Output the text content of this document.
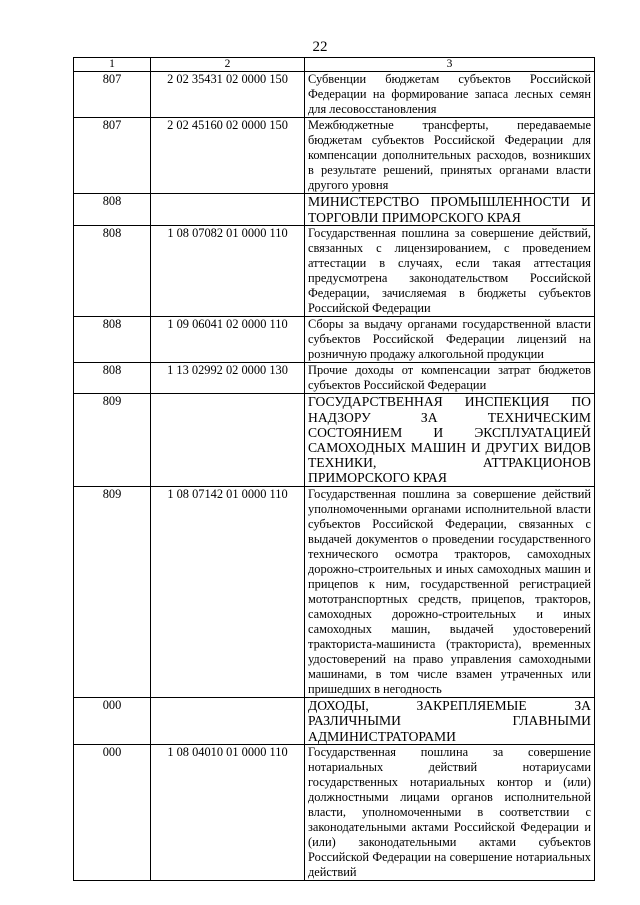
22
1	2	3
807	2 02 35431 02 0000 150	Субвенции бюджетам субъектов Российской Федерации на формирование запаса лесных семян для лесовосстановления
807	2 02 45160 02 0000 150	Межбюджетные трансферты, передаваемые бюджетам субъектов Российской Федерации для компенсации дополнительных расходов, возникших в результате решений, принятых органами власти другого уровня
808		МИНИСТЕРСТВО ПРОМЫШЛЕННОСТИ И ТОРГОВЛИ ПРИМОРСКОГО КРАЯ
808	1 08 07082 01 0000 110	Государственная пошлина за совершение действий, связанных с лицензированием, с проведением аттестации в случаях, если такая аттестация предусмотрена законодательством Российской Федерации, зачисляемая в бюджеты субъектов Российской Федерации
808	1 09 06041 02 0000 110	Сборы за выдачу органами государственной власти субъектов Российской Федерации лицензий на розничную продажу алкогольной продукции
808	1 13 02992 02 0000 130	Прочие доходы от компенсации затрат бюджетов субъектов Российской Федерации
809		ГОСУДАРСТВЕННАЯ ИНСПЕКЦИЯ ПО НАДЗОРУ ЗА ТЕХНИЧЕСКИМ СОСТОЯНИЕМ И ЭКСПЛУАТАЦИЕЙ САМОХОДНЫХ МАШИН И ДРУГИХ ВИДОВ ТЕХНИКИ, АТТРАКЦИОНОВ ПРИМОРСКОГО КРАЯ
809	1 08 07142 01 0000 110	Государственная пошлина за совершение действий уполномоченными органами исполнительной власти субъектов Российской Федерации, связанных с выдачей документов о проведении государственного технического осмотра тракторов, самоходных дорожно-строительных и иных самоходных машин и прицепов к ним, государственной регистрацией мототранспортных средств, прицепов, тракторов, самоходных дорожно-строительных и иных самоходных машин, выдачей удостоверений тракториста-машиниста (тракториста), временных удостоверений на право управления самоходными машинами, в том числе взамен утраченных или пришедших в негодность
000		ДОХОДЫ, ЗАКРЕПЛЯЕМЫЕ ЗА РАЗЛИЧНЫМИ ГЛАВНЫМИ АДМИНИСТРАТОРАМИ
000	1 08 04010 01 0000 110	Государственная пошлина за совершение нотариальных действий нотариусами государственных нотариальных контор и (или) должностными лицами органов исполнительной власти, уполномоченными в соответствии с законодательными актами Российской Федерации и (или) законодательными актами субъектов Российской Федерации на совершение нотариальных действий
